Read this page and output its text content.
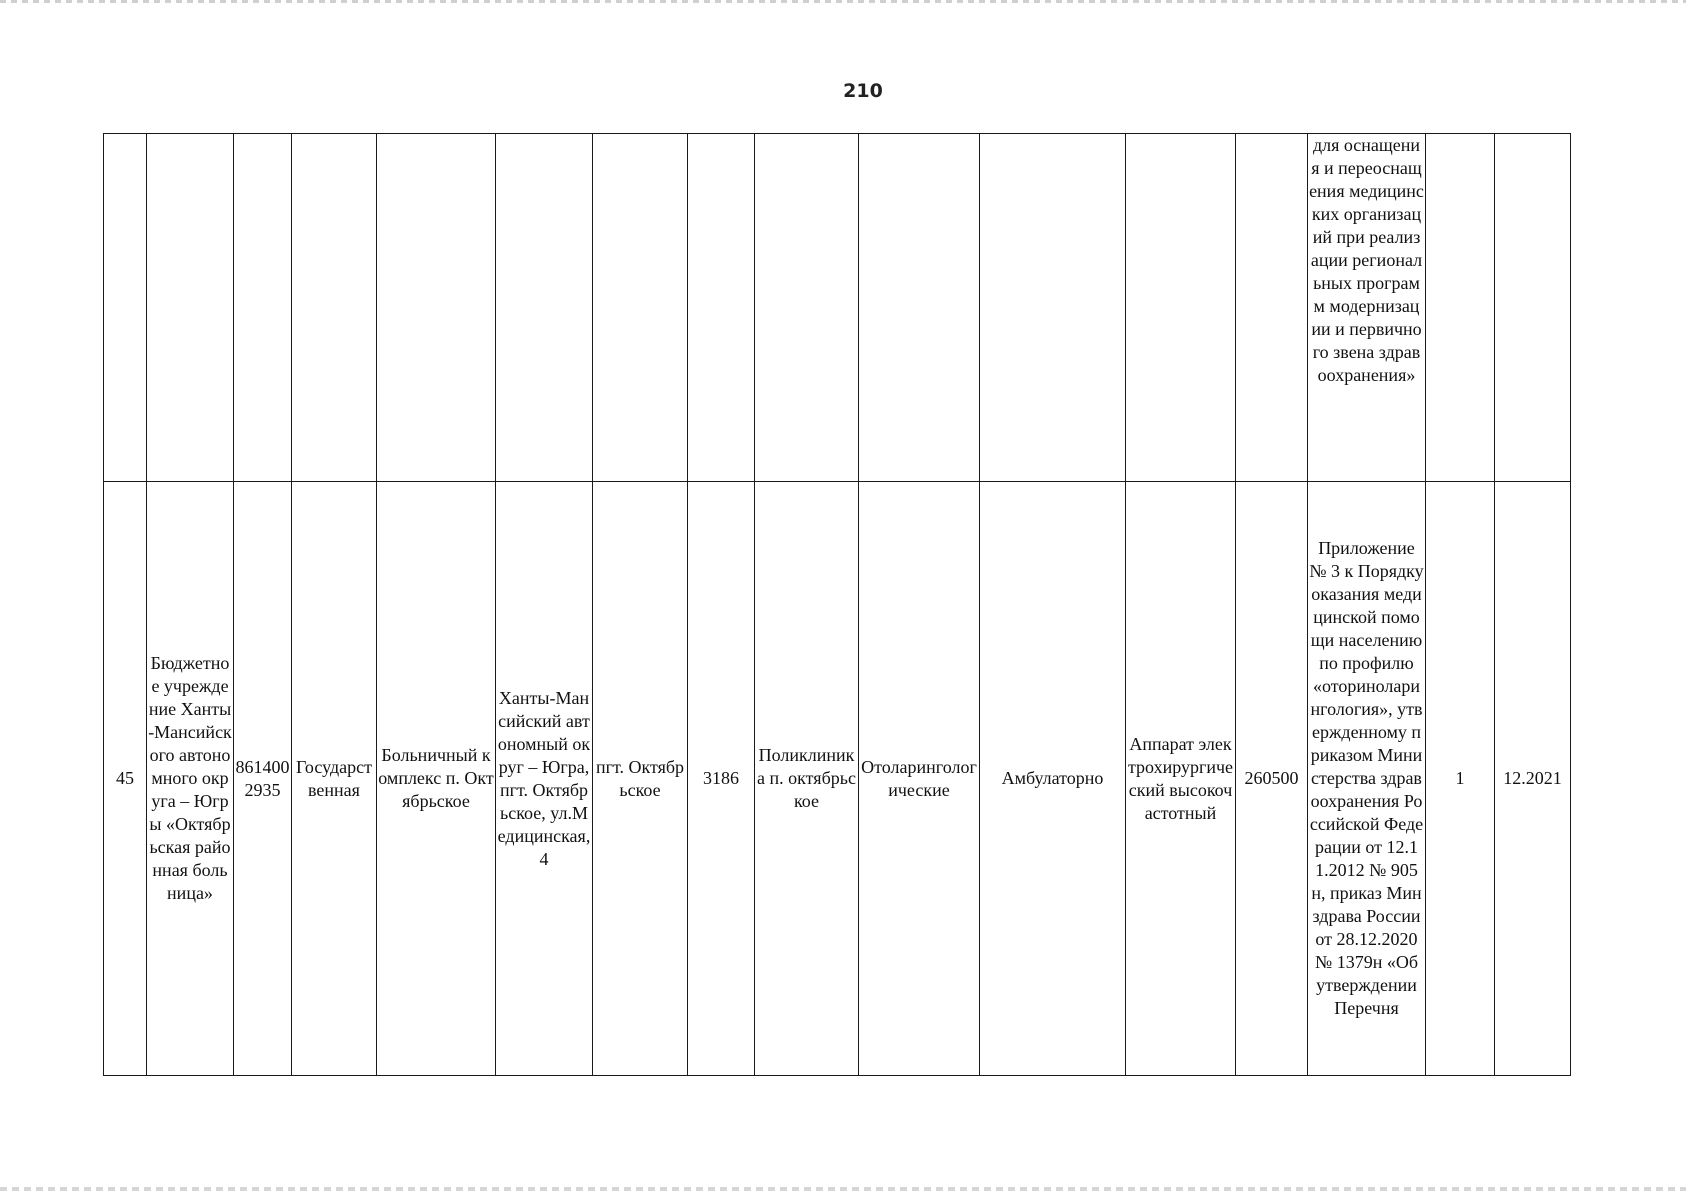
210
													для оснащения и переоснащения медицинских организаций при реализации региональных программ модернизации и первичного звена здравоохранения»		
45	Бюджетное учреждение Ханты-Мансийского автономного округа – Югры «Октябрьская районная больница»	8614002935	Государственная	Больничный комплекс п. Октябрьское	Ханты-Мансийский автономный округ – Югра, пгт. Октябрьское, ул.Медицинская, 4	пгт. Октябрьское	3186	Поликлиника п. октябрьское	Отоларингологические	Амбулаторно	Аппарат электрохирургический высокочастотный	260500	Приложение № 3 к Порядку оказания медицинской помощи населению по профилю «оториноларингология», утвержденному приказом Министерства здравоохранения Российской Федерации от 12.11.2012 № 905н, приказ Минздрава России от 28.12.2020 № 1379н «Об утверждении Перечня	1	12.2021
